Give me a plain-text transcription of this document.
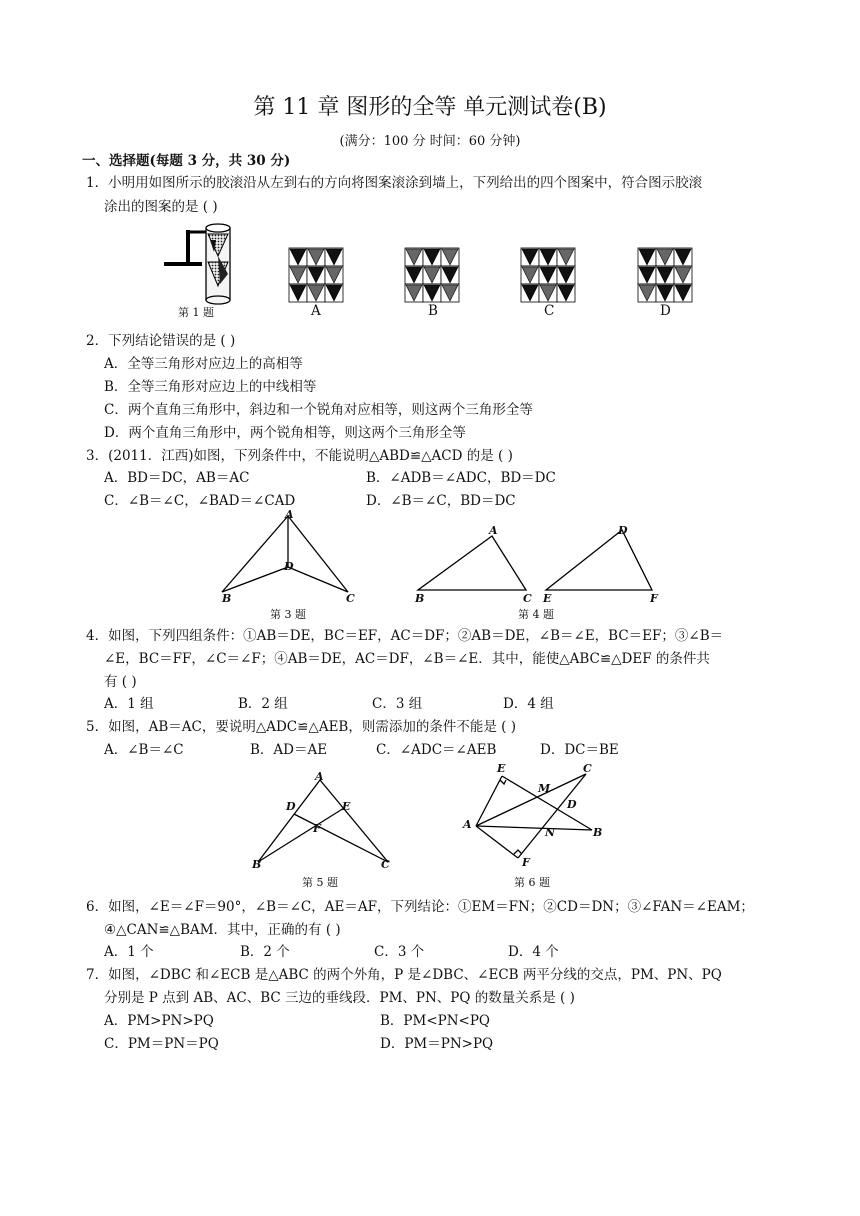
第 11 章 图形的全等 单元测试卷(B)
(满分：100 分 时间：60 分钟)
一、选择题(每题 3 分，共 30 分)
1．小明用如图所示的胶滚沿从左到右的方向将图案滚涂到墙上，下列给出的四个图案中，符合图示胶滚
涂出的图案的是 ( )
第 1 题	A	B	C	D
2．下列结论错误的是 ( )
A．全等三角形对应边上的高相等
B．全等三角形对应边上的中线相等
C．两个直角三角形中，斜边和一个锐角对应相等，则这两个三角形全等
D．两个直角三角形中，两个锐角相等，则这两个三角形全等
3．(2011．江西)如图，下列条件中，不能说明△ABD≌△ACD 的是 ( )
A．BD＝DC，AB＝AC	B．∠ADB＝∠ADC，BD＝DC
C．∠B＝∠C，∠BAD＝∠CAD	D．∠B＝∠C，BD＝DC
A
D
B	C
第 3 题
A
B	C
D
E	F
第 4 题
4．如图，下列四组条件：①AB＝DE，BC＝EF，AC＝DF；②AB＝DE，∠B＝∠E，BC＝EF；③∠B＝
∠E，BC＝FF，∠C＝∠F；④AB＝DE，AC＝DF，∠B＝∠E．其中，能使△ABC≌△DEF 的条件共
有 ( )
A．1 组	B．2 组	C．3 组	D．4 组
5．如图，AB＝AC，要说明△ADC≌△AEB，则需添加的条件不能是 ( )
A．∠B＝∠C	B．AD＝AE	C．∠ADC＝∠AEB	D．DC＝BE
A
D	E
F
B	C
第 5 题
E	C
M
D
A
N	B
F
第 6 题
6．如图，∠E＝∠F＝90°，∠B＝∠C，AE＝AF，下列结论：①EM＝FN；②CD＝DN；③∠FAN＝∠EAM；
④△CAN≌△BAM．其中，正确的有 ( )
A．1 个	B．2 个	C．3 个	D．4 个
7．如图，∠DBC 和∠ECB 是△ABC 的两个外角，P 是∠DBC、∠ECB 两平分线的交点，PM、PN、PQ
分别是 P 点到 AB、AC、BC 三边的垂线段．PM、PN、PQ 的数量关系是 ( )
A．PM>PN>PQ	B．PM<PN<PQ
C．PM＝PN＝PQ	D．PM＝PN>PQ
